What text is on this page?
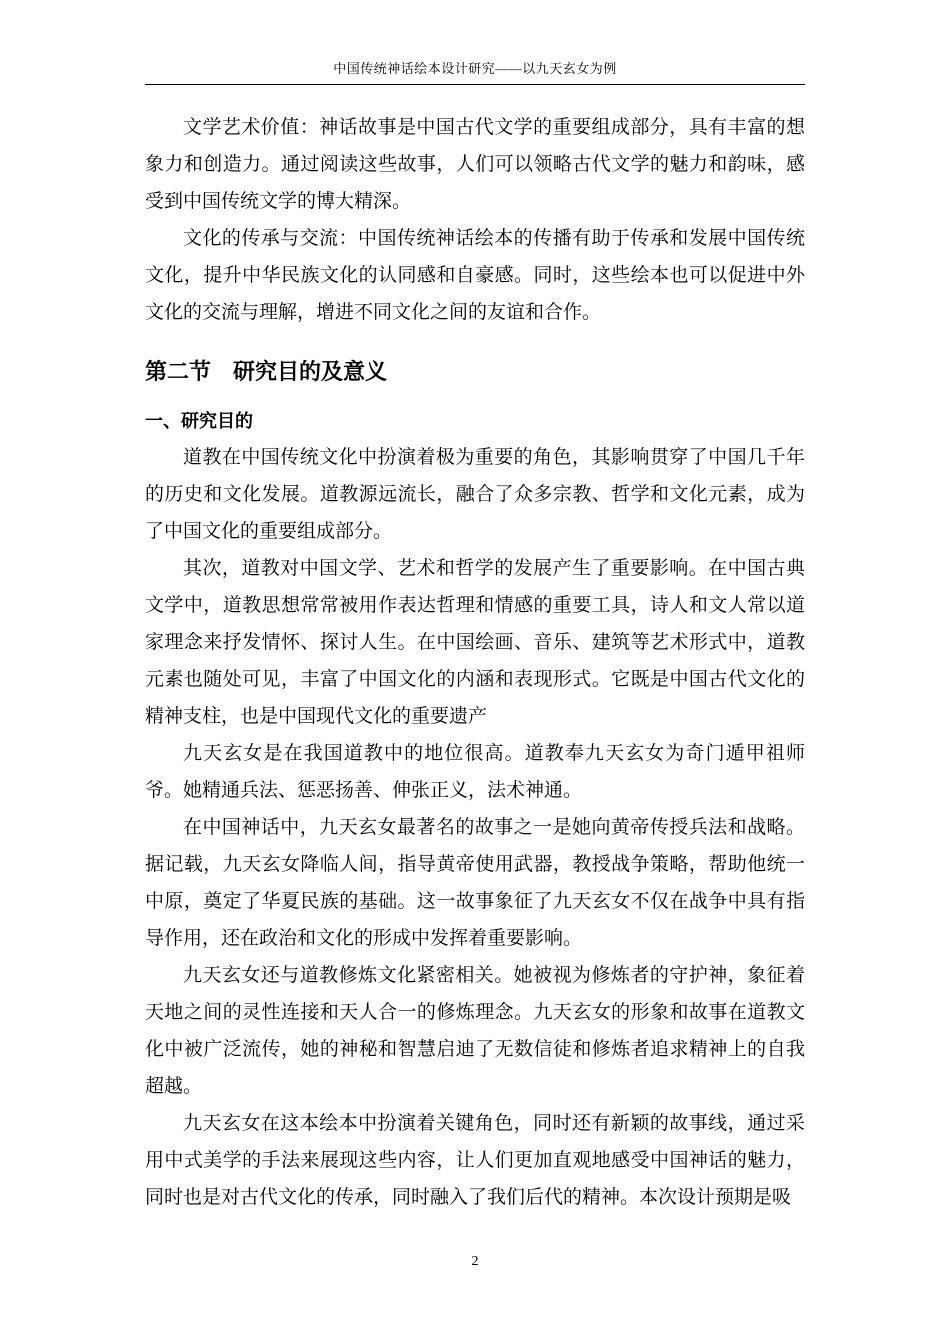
中国传统神话绘本设计研究——以九天玄女为例

文学艺术价值：神话故事是中国古代文学的重要组成部分，具有丰富的想象力和创造力。通过阅读这些故事，人们可以领略古代文学的魅力和韵味，感受到中国传统文学的博大精深。

文化的传承与交流：中国传统神话绘本的传播有助于传承和发展中国传统文化，提升中华民族文化的认同感和自豪感。同时，这些绘本也可以促进中外文化的交流与理解，增进不同文化之间的友谊和合作。

第二节　研究目的及意义
一、研究目的

道教在中国传统文化中扮演着极为重要的角色，其影响贯穿了中国几千年的历史和文化发展。道教源远流长，融合了众多宗教、哲学和文化元素，成为了中国文化的重要组成部分。

其次，道教对中国文学、艺术和哲学的发展产生了重要影响。在中国古典文学中，道教思想常常被用作表达哲理和情感的重要工具，诗人和文人常以道家理念来抒发情怀、探讨人生。在中国绘画、音乐、建筑等艺术形式中，道教元素也随处可见，丰富了中国文化的内涵和表现形式。它既是中国古代文化的精神支柱，也是中国现代文化的重要遗产

九天玄女是在我国道教中的地位很高。道教奉九天玄女为奇门遁甲祖师爷。她精通兵法、惩恶扬善、伸张正义，法术神通。

在中国神话中，九天玄女最著名的故事之一是她向黄帝传授兵法和战略。据记载，九天玄女降临人间，指导黄帝使用武器，教授战争策略，帮助他统一中原，奠定了华夏民族的基础。这一故事象征了九天玄女不仅在战争中具有指导作用，还在政治和文化的形成中发挥着重要影响。

九天玄女还与道教修炼文化紧密相关。她被视为修炼者的守护神，象征着天地之间的灵性连接和天人合一的修炼理念。九天玄女的形象和故事在道教文化中被广泛流传，她的神秘和智慧启迪了无数信徒和修炼者追求精神上的自我超越。

九天玄女在这本绘本中扮演着关键角色，同时还有新颖的故事线，通过采用中式美学的手法来展现这些内容，让人们更加直观地感受中国神话的魅力，同时也是对古代文化的传承，同时融入了我们后代的精神。本次设计预期是吸

2
